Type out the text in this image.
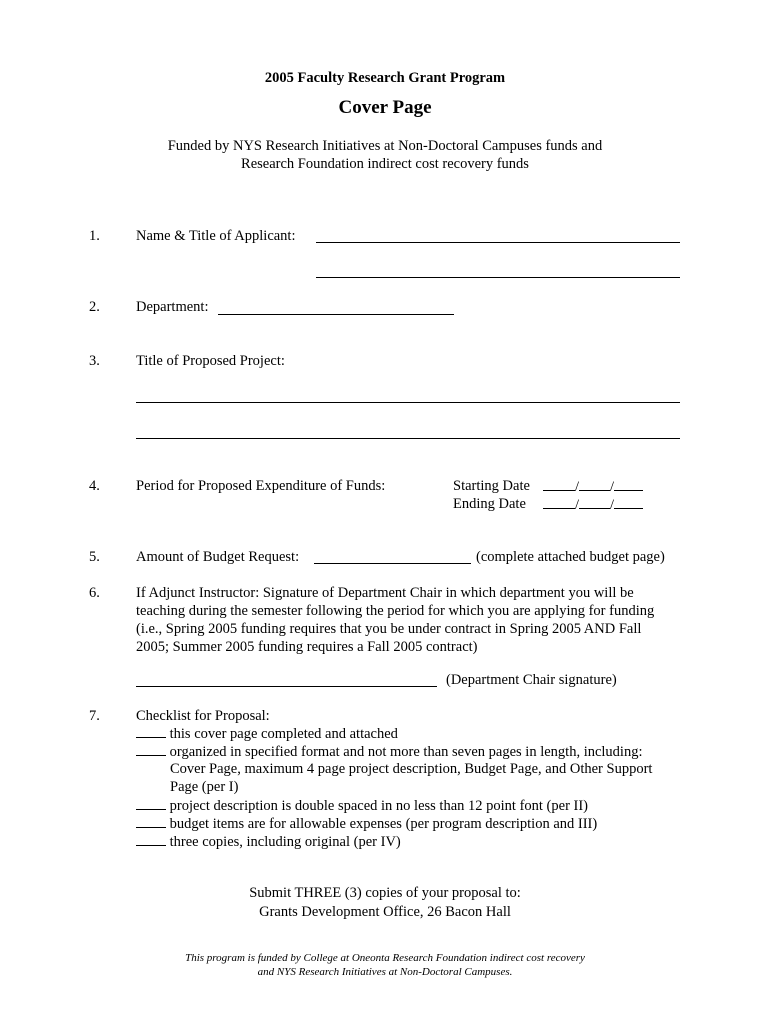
2005 Faculty Research Grant Program
Cover Page
Funded by NYS Research Initiatives at Non-Doctoral Campuses funds and
Research Foundation indirect cost recovery funds
1. Name & Title of Applicant:
2. Department:
3. Title of Proposed Project:
4. Period for Proposed Expenditure of Funds:	Starting Date	/ /
Ending Date	/ /
5. Amount of Budget Request:	(complete attached budget page)
6. If Adjunct Instructor: Signature of Department Chair in which department you will be
teaching during the semester following the period for which you are applying for funding
(i.e., Spring 2005 funding requires that you be under contract in Spring 2005 AND Fall
2005; Summer 2005 funding requires a Fall 2005 contract)
(Department Chair signature)
7. Checklist for Proposal:
this cover page completed and attached
organized in specified format and not more than seven pages in length, including:
Cover Page, maximum 4 page project description, Budget Page, and Other Support
Page (per I)
project description is double spaced in no less than 12 point font (per II)
budget items are for allowable expenses (per program description and III)
three copies, including original (per IV)
Submit THREE (3) copies of your proposal to:
Grants Development Office, 26 Bacon Hall
This program is funded by College at Oneonta Research Foundation indirect cost recovery
and NYS Research Initiatives at Non-Doctoral Campuses.
